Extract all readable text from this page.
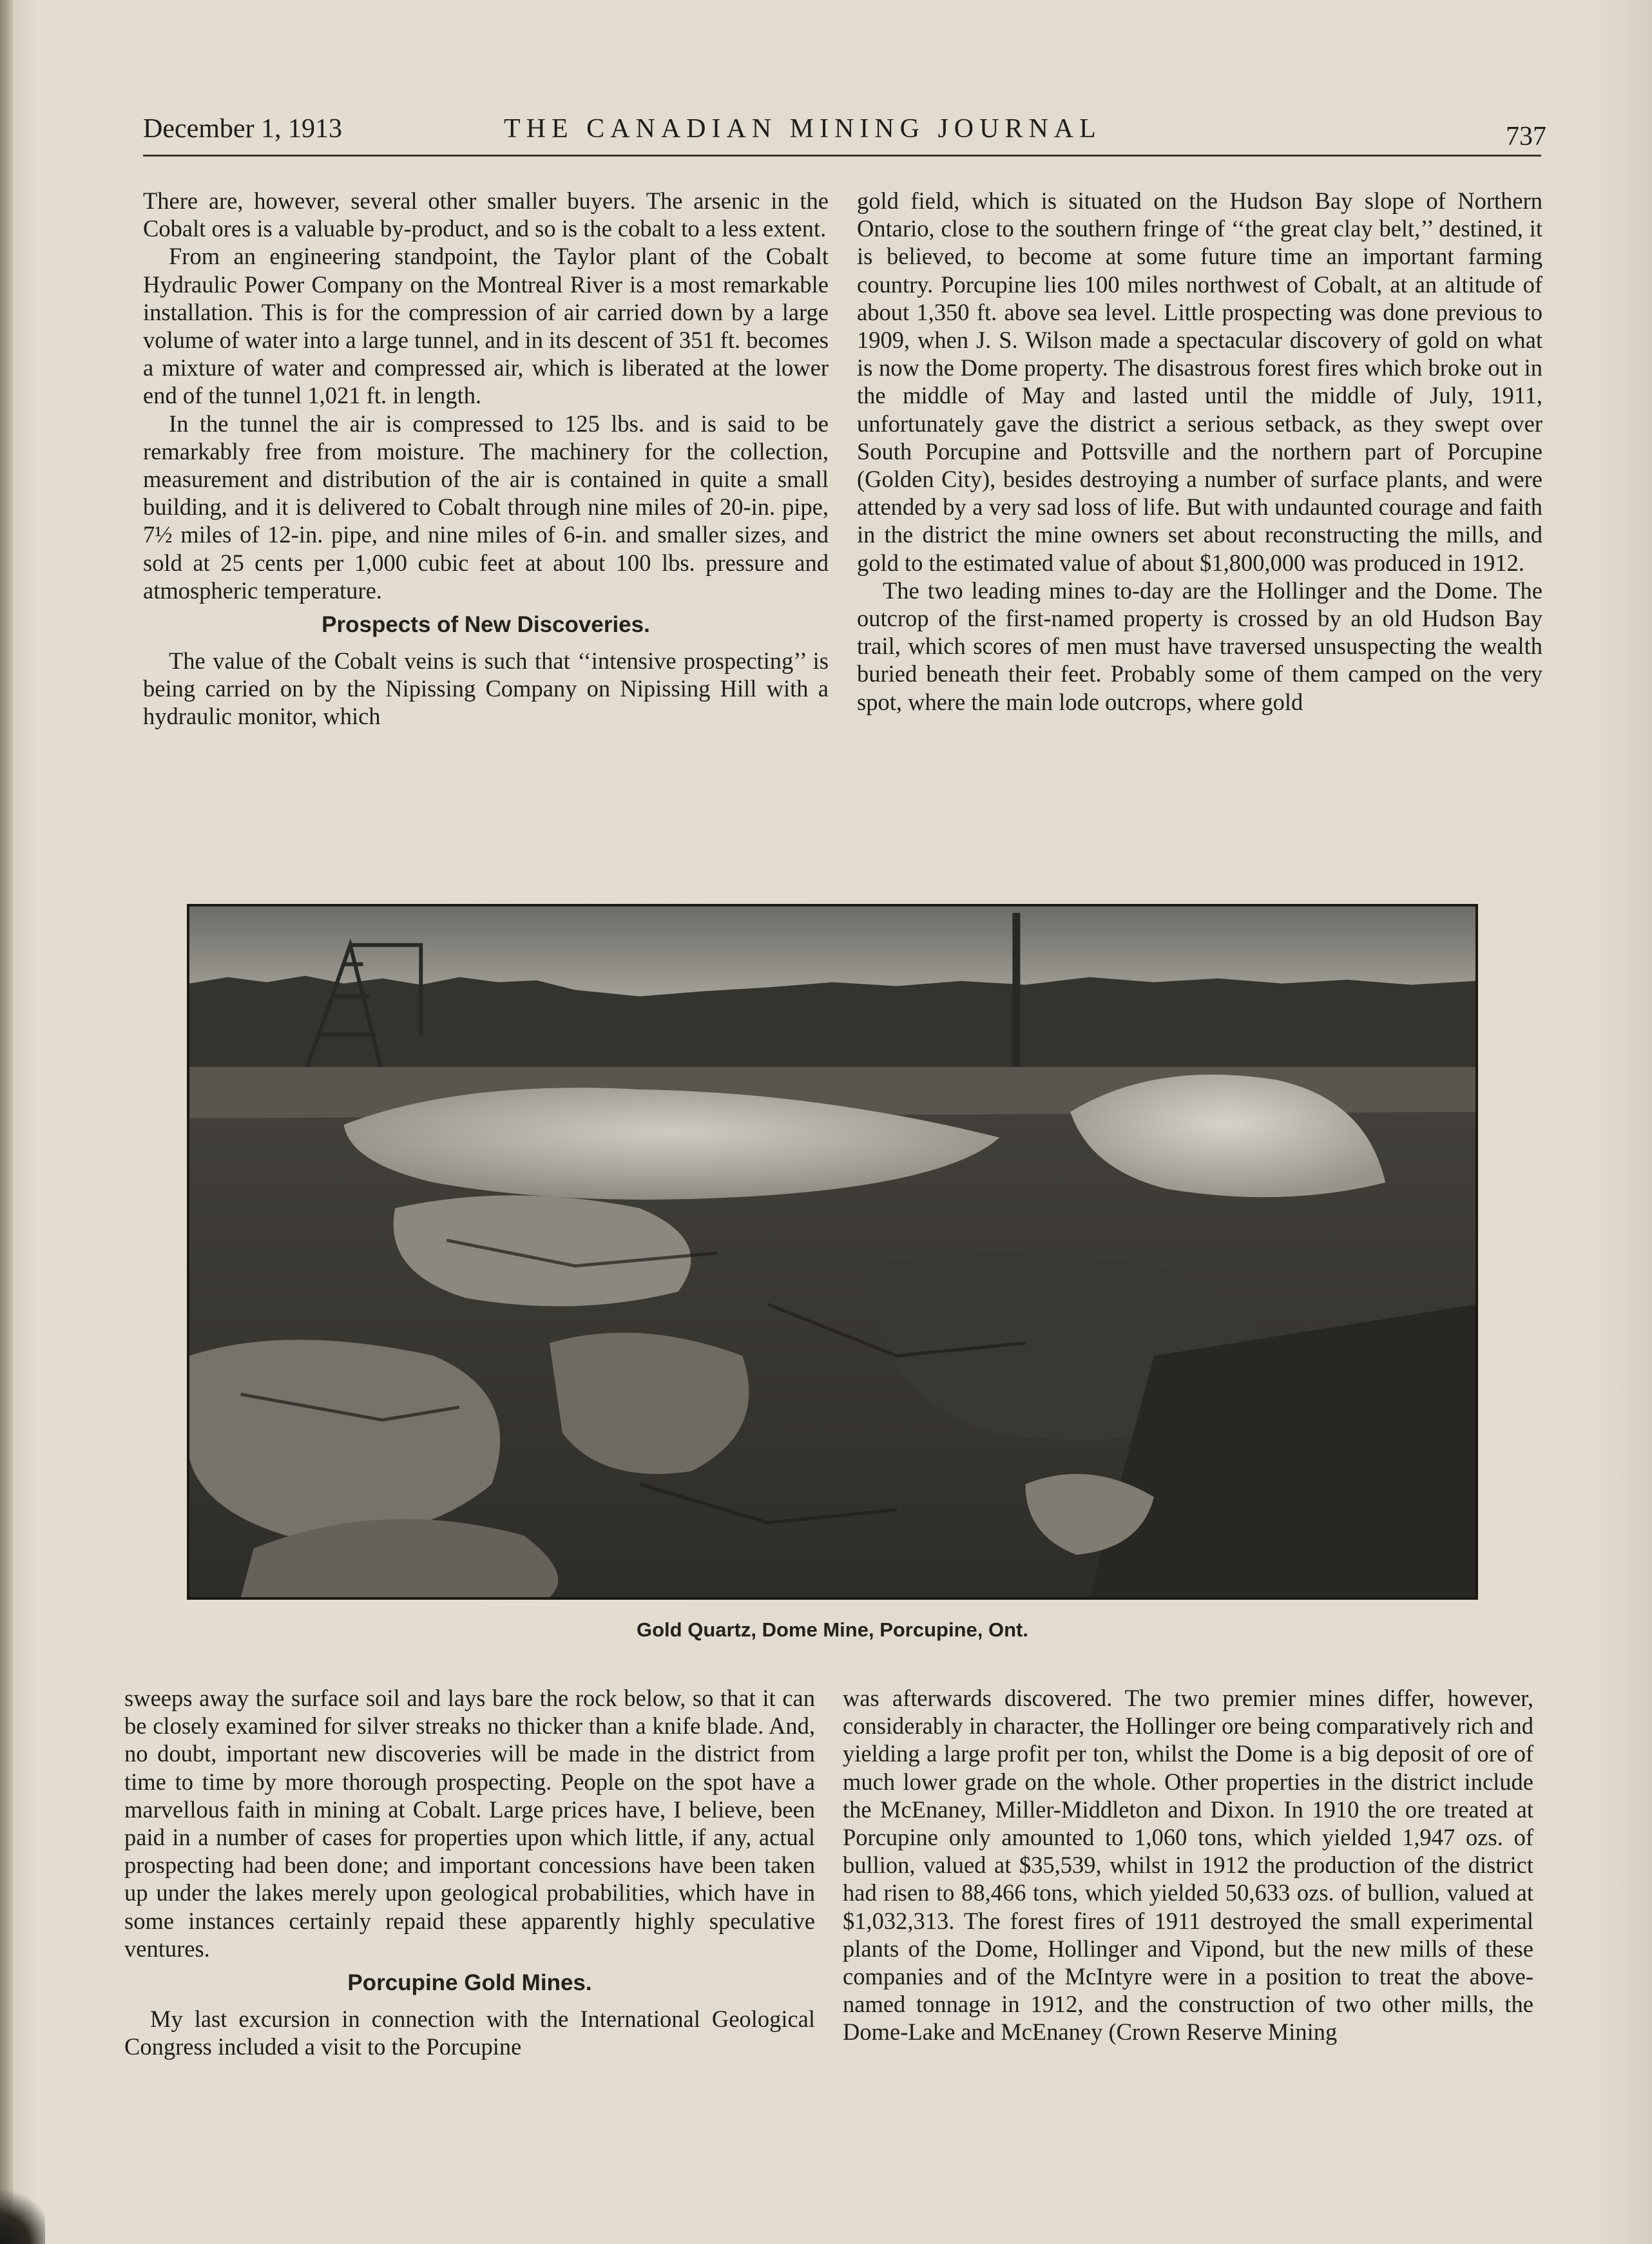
December 1, 1913	THE CANADIAN MINING JOURNAL	737

There are, however, several other smaller buyers. The arsenic in the Cobalt ores is a valuable by-product, and so is the cobalt to a less extent.

From an engineering standpoint, the Taylor plant of the Cobalt Hydraulic Power Company on the Montreal River is a most remarkable installation. This is for the compression of air carried down by a large volume of water into a large tunnel, and in its descent of 351 ft. becomes a mixture of water and compressed air, which is liberated at the lower end of the tunnel 1,021 ft. in length.

In the tunnel the air is compressed to 125 lbs. and is said to be remarkably free from moisture. The machinery for the collection, measurement and distribution of the air is contained in quite a small building, and it is delivered to Cobalt through nine miles of 20-in. pipe, 7½ miles of 12-in. pipe, and nine miles of 6-in. and smaller sizes, and sold at 25 cents per 1,000 cubic feet at about 100 lbs. pressure and atmospheric temperature.

Prospects of New Discoveries.

The value of the Cobalt veins is such that ‘‘intensive prospecting’’ is being carried on by the Nipissing Company on Nipissing Hill with a hydraulic monitor, which

gold field, which is situated on the Hudson Bay slope of Northern Ontario, close to the southern fringe of ‘‘the great clay belt,’’ destined, it is believed, to become at some future time an important farming country. Porcupine lies 100 miles northwest of Cobalt, at an altitude of about 1,350 ft. above sea level. Little prospecting was done previous to 1909, when J. S. Wilson made a spectacular discovery of gold on what is now the Dome property. The disastrous forest fires which broke out in the middle of May and lasted until the middle of July, 1911, unfortunately gave the district a serious setback, as they swept over South Porcupine and Pottsville and the northern part of Porcupine (Golden City), besides destroying a number of surface plants, and were attended by a very sad loss of life. But with undaunted courage and faith in the district the mine owners set about reconstructing the mills, and gold to the estimated value of about $1,800,000 was produced in 1912.

The two leading mines to-day are the Hollinger and the Dome. The outcrop of the first-named property is crossed by an old Hudson Bay trail, which scores of men must have traversed unsuspecting the wealth buried beneath their feet. Probably some of them camped on the very spot, where the main lode outcrops, where gold

Gold Quartz, Dome Mine, Porcupine, Ont.

sweeps away the surface soil and lays bare the rock below, so that it can be closely examined for silver streaks no thicker than a knife blade. And, no doubt, important new discoveries will be made in the district from time to time by more thorough prospecting. People on the spot have a marvellous faith in mining at Cobalt. Large prices have, I believe, been paid in a number of cases for properties upon which little, if any, actual prospecting had been done; and important concessions have been taken up under the lakes merely upon geological probabilities, which have in some instances certainly repaid these apparently highly speculative ventures.

Porcupine Gold Mines.

My last excursion in connection with the International Geological Congress included a visit to the Porcupine

was afterwards discovered. The two premier mines differ, however, considerably in character, the Hollinger ore being comparatively rich and yielding a large profit per ton, whilst the Dome is a big deposit of ore of much lower grade on the whole. Other properties in the district include the McEnaney, Miller-Middleton and Dixon. In 1910 the ore treated at Porcupine only amounted to 1,060 tons, which yielded 1,947 ozs. of bullion, valued at $35,539, whilst in 1912 the production of the district had risen to 88,466 tons, which yielded 50,633 ozs. of bullion, valued at $1,032,313. The forest fires of 1911 destroyed the small experimental plants of the Dome, Hollinger and Vipond, but the new mills of these companies and of the McIntyre were in a position to treat the above-named tonnage in 1912, and the construction of two other mills, the Dome-Lake and McEnaney (Crown Reserve Mining
